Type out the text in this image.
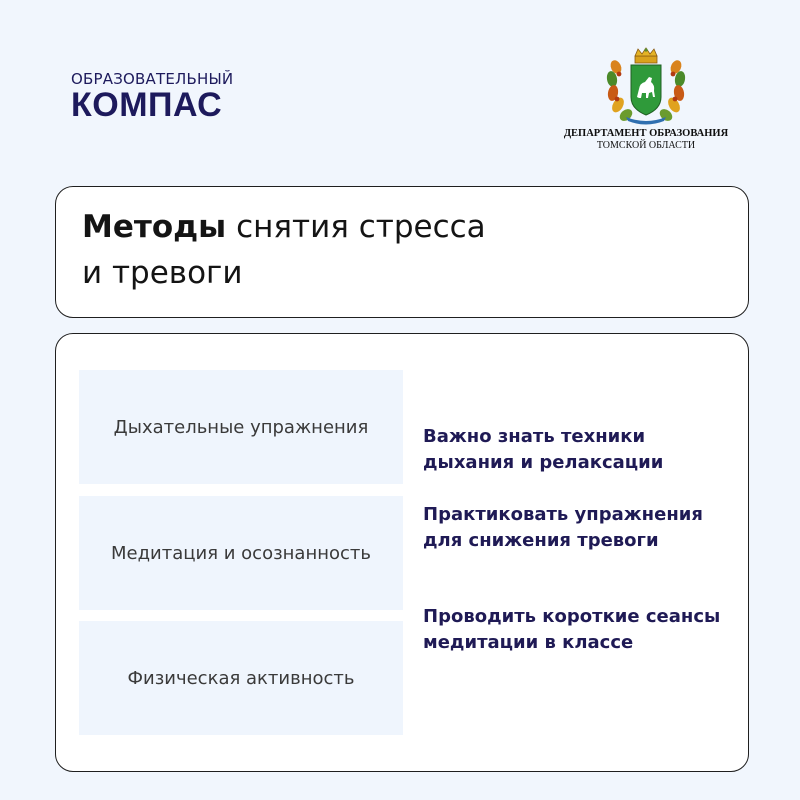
ОБРАЗОВАТЕЛЬНЫЙ
КОМПАС
ДЕПАРТАМЕНТ ОБРАЗОВАНИЯ
ТОМСКОЙ ОБЛАСТИ
Методы снятия стресса
и тревоги
Дыхательные упражнения
Медитация и осознанность
Физическая активность
Важно знать техники дыхания и релаксации
Практиковать упражнения для снижения тревоги
Проводить короткие сеансы медитации в классе
